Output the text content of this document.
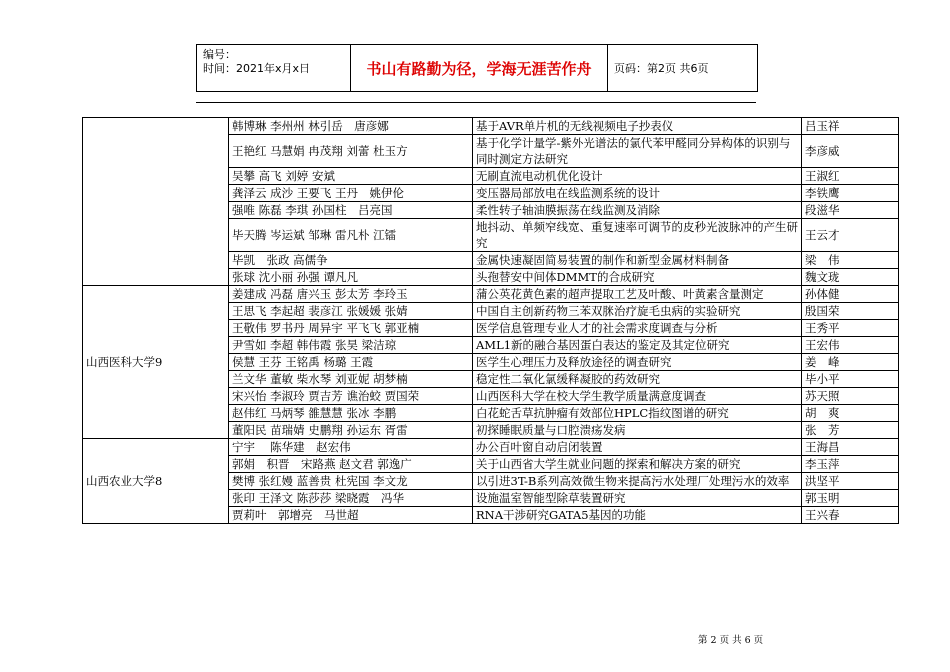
编号：
时间：2021年x月x日	书山有路勤为径，学海无涯苦作舟	页码：第2页 共6页
	韩博琳 李州州 林引岳　唐彦娜	基于AVR单片机的无线视频电子抄表仪	吕玉祥
	王艳红 马慧娟 冉茂翔 刘蕾 杜玉方	基于化学计量学-紫外光谱法的氯代苯甲醛同分异构体的识别与同时测定方法研究	李彦威
	吴攀 高飞 刘婷 安斌	无刷直流电动机优化设计	王淑红
	龚泽云 成沙 王要飞 王丹　姚伊伦	变压器局部放电在线监测系统的设计	李铁鹰
	强唯 陈磊 李琪 孙国柱　吕亮国	柔性转子轴油膜振荡在线监测及消除	段滋华
	毕天腾 岑运斌 邹琳 雷凡朴 江镭	地抖动、单频窄线宽、重复速率可调节的皮秒光波脉冲的产生研究	王云才
	毕凯　张政 高儒争	金属快速凝固简易装置的制作和新型金属材料制备	梁　伟
	张球 沈小丽 孙强 谭凡凡	头孢替安中间体DMMT的合成研究	魏文珑
山西医科大学9	姜建成 冯磊 唐兴玉 彭太芳 李玲玉	蒲公英花黄色素的超声提取工艺及叶酸、叶黄素含量测定	孙体健
	王思飞 李起超 裴彦江 张媛媛 张婧	中国自主创新药物三苯双脒治疗旋毛虫病的实验研究	殷国荣
	王敬伟 罗书丹 周异宇 平飞飞 郭亚楠	医学信息管理专业人才的社会需求度调查与分析	王秀平
	尹雪如 李超 韩伟霞 张昊 梁洁琼	AML1新的融合基因蛋白表达的鉴定及其定位研究	王宏伟
	侯慧 王芬 王铭禹 杨璐 王霞	医学生心理压力及释放途径的调查研究	姜　峰
	兰文华 董敏 柴水琴 刘亚妮 胡梦楠	稳定性二氧化氯缓释凝胶的药效研究	毕小平
	宋兴怡 李淑玲 贾吉芳 谯治蛟 贾国荣	山西医科大学在校大学生教学质量满意度调查	苏天照
	赵伟红 马炳琴 雒慧慧 张冰 李鹏	白花蛇舌草抗肿瘤有效部位HPLC指纹图谱的研究	胡　爽
	董阳民 苗瑞婧 史鹏翔 孙运东 胥雷	初探睡眠质量与口腔溃疡发病	张　芳
山西农业大学8	宁宇　 陈华建　赵宏伟	办公百叶窗自动启闭装置	王海昌
	郭娟　积晋　宋路燕 赵文君 郭逸广	关于山西省大学生就业问题的探索和解决方案的研究	李玉萍
	樊博 张红嫚 蓝善贵 杜宪国 李文龙	以引进3T-B系列高效微生物来提高污水处理厂处理污水的效率	洪坚平
	张印 王泽文 陈莎莎 梁晓霞　冯华	设施温室智能型除草装置研究	郭玉明
	贾莉叶　郭增亮　马世超	RNA干涉研究GATA5基因的功能	王兴春
第 2 页 共 6 页
